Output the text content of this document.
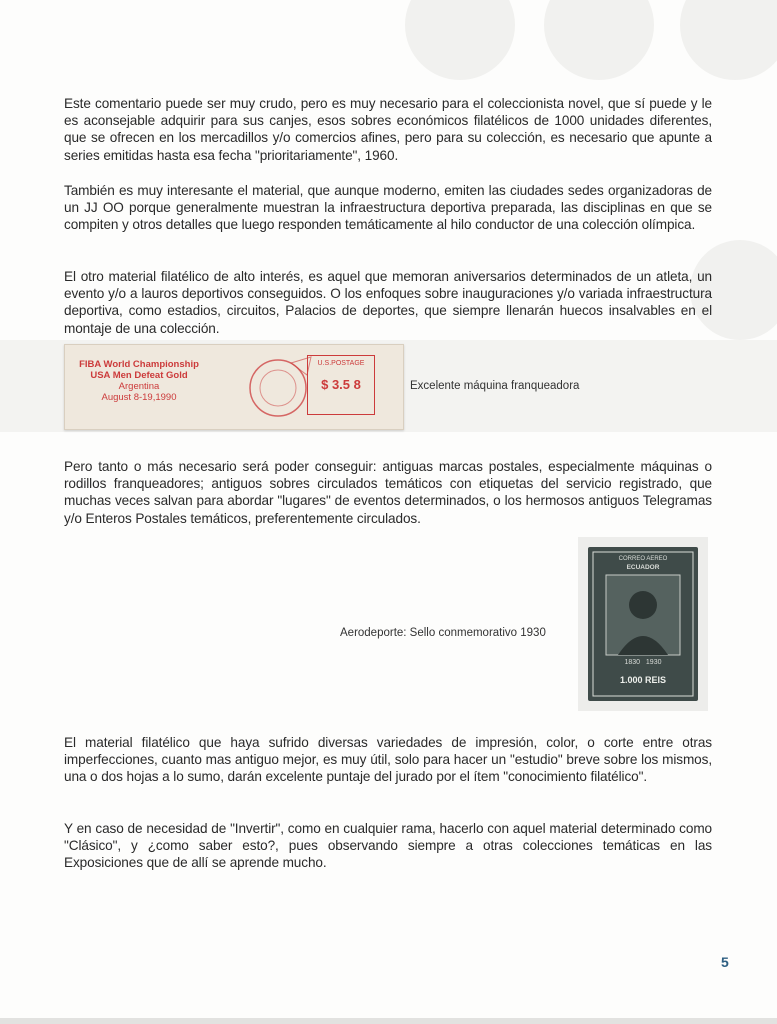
Este comentario puede ser muy crudo, pero es muy necesario para el coleccionista novel, que sí puede y le es aconsejable adquirir para sus canjes, esos sobres económicos filatélicos de 1000 unidades diferentes, que se ofrecen en los mercadillos y/o comercios afines, pero para su colección, es necesario que apunte a series emitidas hasta esa fecha "prioritariamente", 1960.

También es muy interesante el material, que aunque moderno, emiten las ciudades sedes organizadoras de un JJ OO porque generalmente muestran la infraestructura deportiva preparada, las disciplinas en que se compiten y otros detalles que luego responden temáticamente al hilo conductor de una colección olímpica.

El otro material filatélico de alto interés, es aquel que memoran aniversarios determinados de un atleta, un evento y/o a lauros deportivos conseguidos. O los enfoques sobre inauguraciones y/o variada infraestructura deportiva, como estadios, circuitos, Palacios de deportes, que siempre llenarán huecos insalvables en el montaje de una colección.

FIBA World Championship
USA Men Defeat Gold
Argentina
August 8-19,1990
U.S.POSTAGE
$ 3.5 8	Excelente máquina franqueadora

Pero tanto o más necesario será poder conseguir: antiguas marcas postales, especialmente máquinas o rodillos franqueadores; antiguos sobres circulados temáticos con etiquetas del servicio registrado, que muchas veces salvan para abordar "lugares" de eventos determinados, o los hermosos antiguos Telegramas y/o Enteros Postales temáticos, preferentemente circulados.

Aerodeporte: Sello conmemorativo 1930
CORREO AEREO
ECUADOR
1830   1930
1.000 REIS

El material filatélico que haya sufrido diversas variedades de impresión, color, o corte entre otras imperfecciones, cuanto mas antiguo mejor, es muy útil, solo para hacer un "estudio" breve sobre los mismos, una o dos hojas a lo sumo, darán excelente puntaje del jurado por el ítem "conocimiento filatélico".

Y en caso de necesidad de "Invertir", como en cualquier rama, hacerlo con aquel material determinado como "Clásico", y ¿como saber esto?, pues observando siempre a otras colecciones temáticas en las Exposiciones que de allí se aprende mucho.

5
